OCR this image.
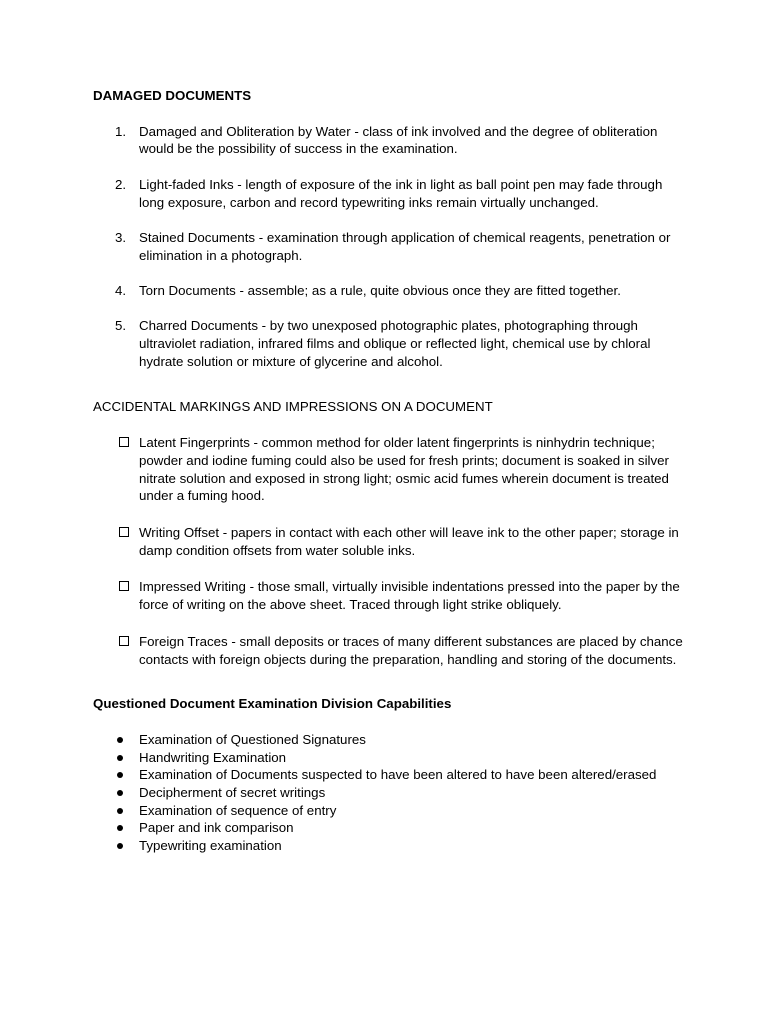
DAMAGED DOCUMENTS

1. Damaged and Obliteration by Water - class of ink involved and the degree of obliteration would be the possibility of success in the examination.
2. Light-faded Inks - length of exposure of the ink in light as ball point pen may fade through long exposure, carbon and record typewriting inks remain virtually unchanged.
3. Stained Documents - examination through application of chemical reagents, penetration or elimination in a photograph.
4. Torn Documents - assemble; as a rule, quite obvious once they are fitted together.
5. Charred Documents - by two unexposed photographic plates, photographing through ultraviolet radiation, infrared films and oblique or reflected light, chemical use by chloral hydrate solution or mixture of glycerine and alcohol.

ACCIDENTAL MARKINGS AND IMPRESSIONS ON A DOCUMENT

Latent Fingerprints - common method for older latent fingerprints is ninhydrin technique; powder and iodine fuming could also be used for fresh prints; document is soaked in silver nitrate solution and exposed in strong light; osmic acid fumes wherein document is treated under a fuming hood.
Writing Offset - papers in contact with each other will leave ink to the other paper; storage in damp condition offsets from water soluble inks.
Impressed Writing - those small, virtually invisible indentations pressed into the paper by the force of writing on the above sheet. Traced through light strike obliquely.
Foreign Traces - small deposits or traces of many different substances are placed by chance contacts with foreign objects during the preparation, handling and storing of the documents.

Questioned Document Examination Division Capabilities

Examination of Questioned Signatures
Handwriting Examination
Examination of Documents suspected to have been altered to have been altered/erased
Decipherment of secret writings
Examination of sequence of entry
Paper and ink comparison
Typewriting examination
